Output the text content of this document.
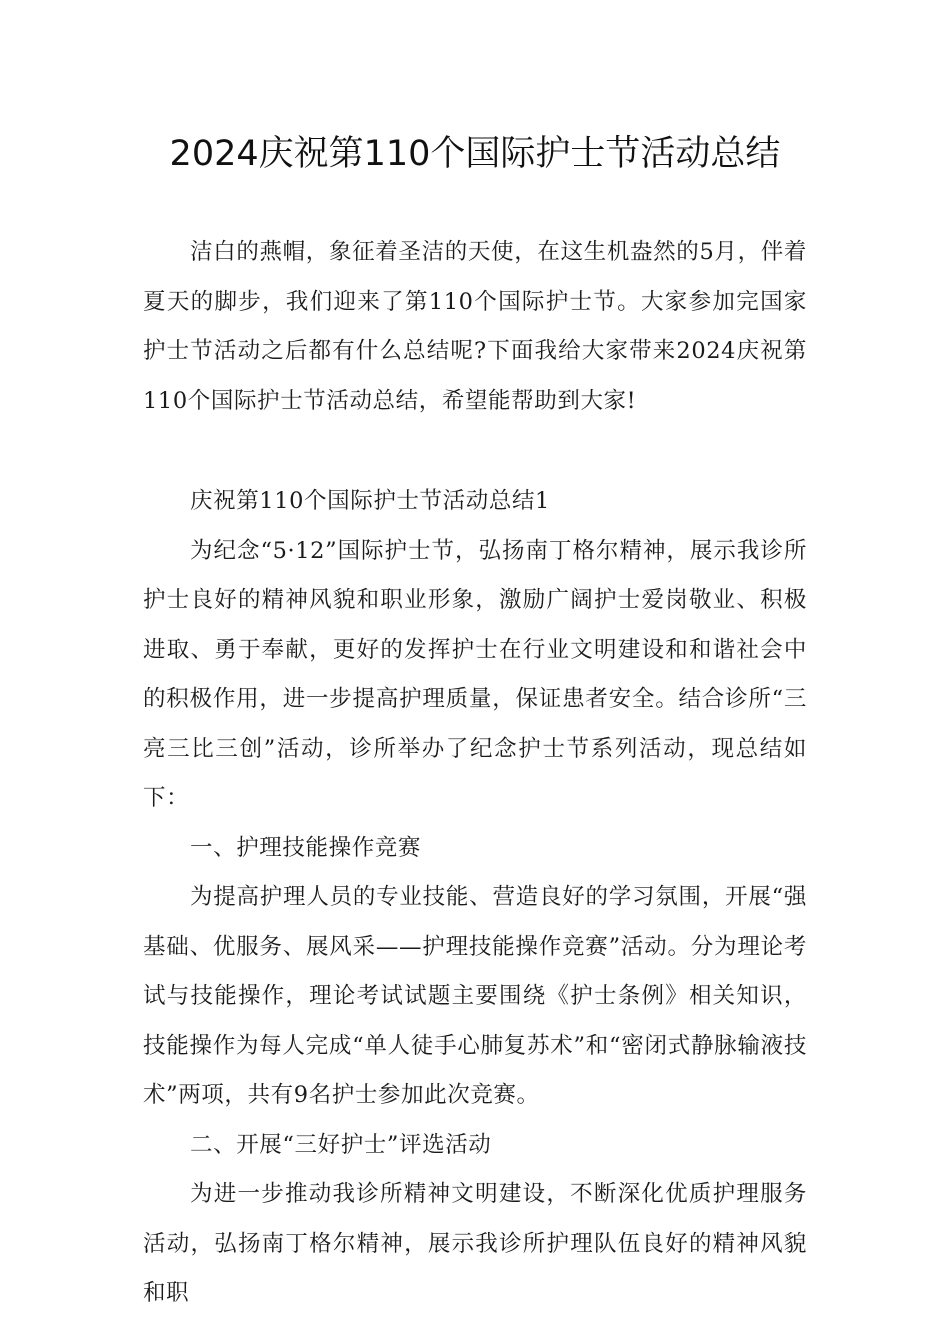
2024庆祝第110个国际护士节活动总结

洁白的燕帽，象征着圣洁的天使，在这生机盎然的5月，伴着夏天的脚步，我们迎来了第110个国际护士节。大家参加完国家护士节活动之后都有什么总结呢?下面我给大家带来2024庆祝第110个国际护士节活动总结，希望能帮助到大家!

庆祝第110个国际护士节活动总结1

为纪念“5·12”国际护士节，弘扬南丁格尔精神，展示我诊所护士良好的精神风貌和职业形象，激励广阔护士爱岗敬业、积极进取、勇于奉献，更好的发挥护士在行业文明建设和和谐社会中的积极作用，进一步提高护理质量，保证患者安全。结合诊所“三亮三比三创”活动，诊所举办了纪念护士节系列活动，现总结如下：

一、护理技能操作竞赛

为提高护理人员的专业技能、营造良好的学习氛围，开展“强基础、优服务、展风采——护理技能操作竞赛”活动。分为理论考试与技能操作，理论考试试题主要围绕《护士条例》相关知识，技能操作为每人完成“单人徒手心肺复苏术”和“密闭式静脉输液技术”两项，共有9名护士参加此次竞赛。

二、开展“三好护士”评选活动

为进一步推动我诊所精神文明建设，不断深化优质护理服务活动，弘扬南丁格尔精神，展示我诊所护理队伍良好的精神风貌和职
